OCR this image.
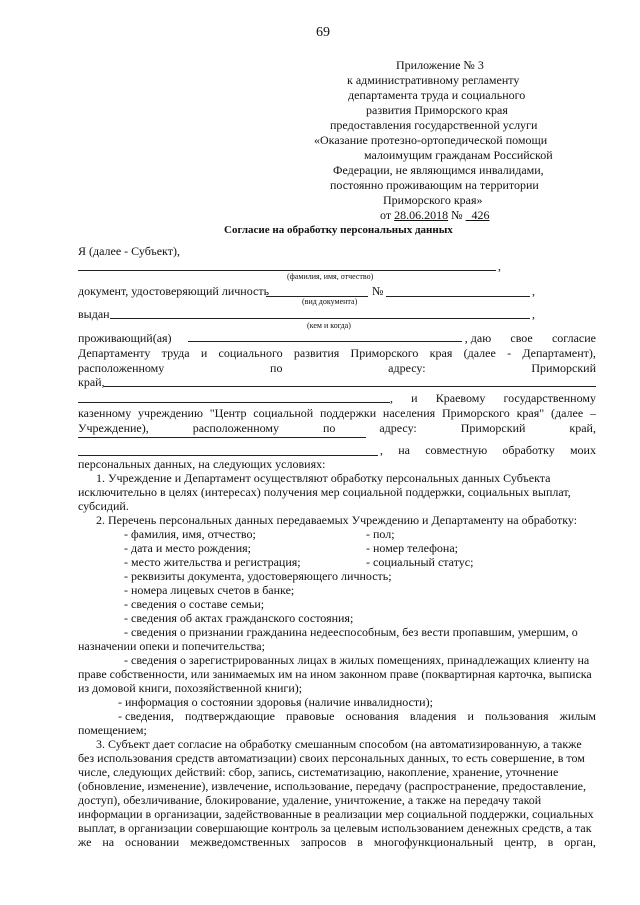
69
Приложение № 3
к административному регламенту
департамента труда и социального
развития Приморского края
предоставления государственной услуги
«Оказание протезно-ортопедической помощи
малоимущим гражданам Российской
Федерации, не являющимся инвалидами,
постоянно проживающим на территории
Приморского края»
от 28.06.2018 № 426
Согласие на обработку персональных данных
Я (далее - Субъект),
,
(фамилия, имя, отчество)
документ, удостоверяющий личность	№	,
(вид документа)
выдан	,
(кем и когда)
проживающий(ая)	, даю свое согласие
Департаменту труда и социального развития Приморского края (далее - Департамент),
расположенному	по	адресу:	Приморский
край,
, и Краевому государственному
казенному учреждению "Центр социальной поддержки населения Приморского края" (далее –
Учреждение),	расположенному	по	адресу:	Приморский	край,
, на совместную обработку моих
персональных данных, на следующих условиях:
1. Учреждение и Департамент осуществляют обработку персональных данных Субъекта
исключительно в целях (интересах) получения мер социальной поддержки, социальных выплат,
субсидий.
2. Перечень персональных данных передаваемых Учреждению и Департаменту на обработку:
- фамилия, имя, отчество;	- пол;
- дата и место рождения;	- номер телефона;
- место жительства и регистрация;	- социальный статус;
- реквизиты документа, удостоверяющего личность;
- номера лицевых счетов в банке;
- сведения о составе семьи;
- сведения об актах гражданского состояния;
- сведения о признании гражданина недееспособным, без вести пропавшим, умершим, о
назначении опеки и попечительства;
- сведения о зарегистрированных лицах в жилых помещениях, принадлежащих клиенту на
праве собственности, или занимаемых им на ином законном праве (поквартирная карточка, выписка
из домовой книги, похозяйственной книги);
- информация о состоянии здоровья (наличие инвалидности);
- сведения, подтверждающие правовые основания владения и пользования жилым
помещением;
3. Субъект дает согласие на обработку смешанным способом (на автоматизированную, а также
без использования средств автоматизации) своих персональных данных, то есть совершение, в том
числе, следующих действий: сбор, запись, систематизацию, накопление, хранение, уточнение
(обновление, изменение), извлечение, использование, передачу (распространение, предоставление,
доступ), обезличивание, блокирование, удаление, уничтожение, а также на передачу такой
информации в организации, задействованные в реализации мер социальной поддержки, социальных
выплат, в организации совершающие контроль за целевым использованием денежных средств, а так
же на основании межведомственных запросов в многофункциональный центр, в орган,
